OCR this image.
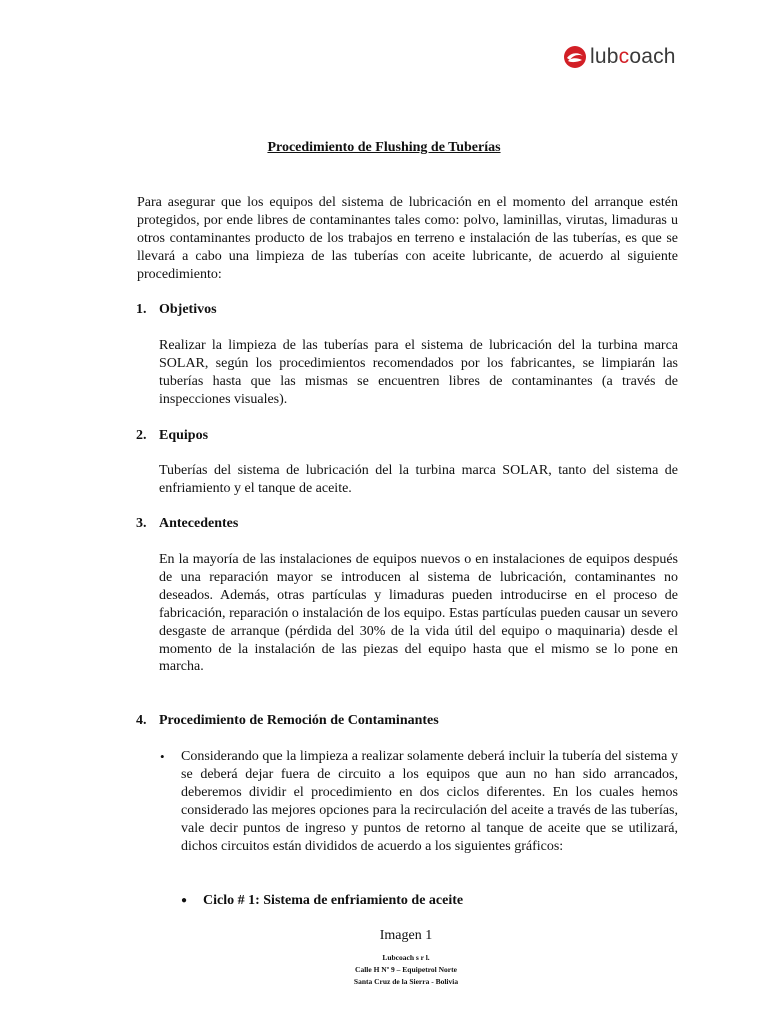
lubcoach
Procedimiento de Flushing de Tuberías

Para asegurar que los equipos del sistema de lubricación en el momento del arranque estén protegidos, por ende libres de contaminantes tales como: polvo, laminillas, virutas, limaduras u otros contaminantes producto de los trabajos en terreno e instalación de las tuberías, es que se llevará a cabo una limpieza de las tuberías con aceite lubricante, de acuerdo al siguiente procedimiento:

1. Objetivos

Realizar la limpieza de las tuberías para el sistema de lubricación del la turbina marca SOLAR, según los procedimientos recomendados por los fabricantes, se limpiarán las tuberías hasta que las mismas se encuentren libres de contaminantes (a través de inspecciones visuales).

2. Equipos

Tuberías del sistema de lubricación del la turbina marca SOLAR, tanto del sistema de enfriamiento y el tanque de aceite.

3. Antecedentes

En la mayoría de las instalaciones de equipos nuevos o en instalaciones de equipos después de una reparación mayor se introducen al sistema de lubricación, contaminantes no deseados. Además, otras partículas y limaduras pueden introducirse en el proceso de fabricación, reparación o instalación de los equipo. Estas partículas pueden causar un severo desgaste de arranque (pérdida del 30% de la vida útil del equipo o maquinaria) desde el momento de la instalación de las piezas del equipo hasta que el mismo se lo pone en marcha.

4. Procedimiento de Remoción de Contaminantes
• Considerando que la limpieza a realizar solamente deberá incluir la tubería del sistema y se deberá dejar fuera de circuito a los equipos que aun no han sido arrancados, deberemos dividir el procedimiento en dos ciclos diferentes. En los cuales hemos considerado las mejores opciones para la recirculación del aceite a través de las tuberías, vale decir puntos de ingreso y puntos de retorno al tanque de aceite que se utilizará, dichos circuitos están divididos de acuerdo a los siguientes gráficos:

● Ciclo # 1: Sistema de enfriamiento de aceite
Imagen 1
Lubcoach s r l.
Calle H Nº 9 – Equipetrol Norte
Santa Cruz de la Sierra - Bolivia
